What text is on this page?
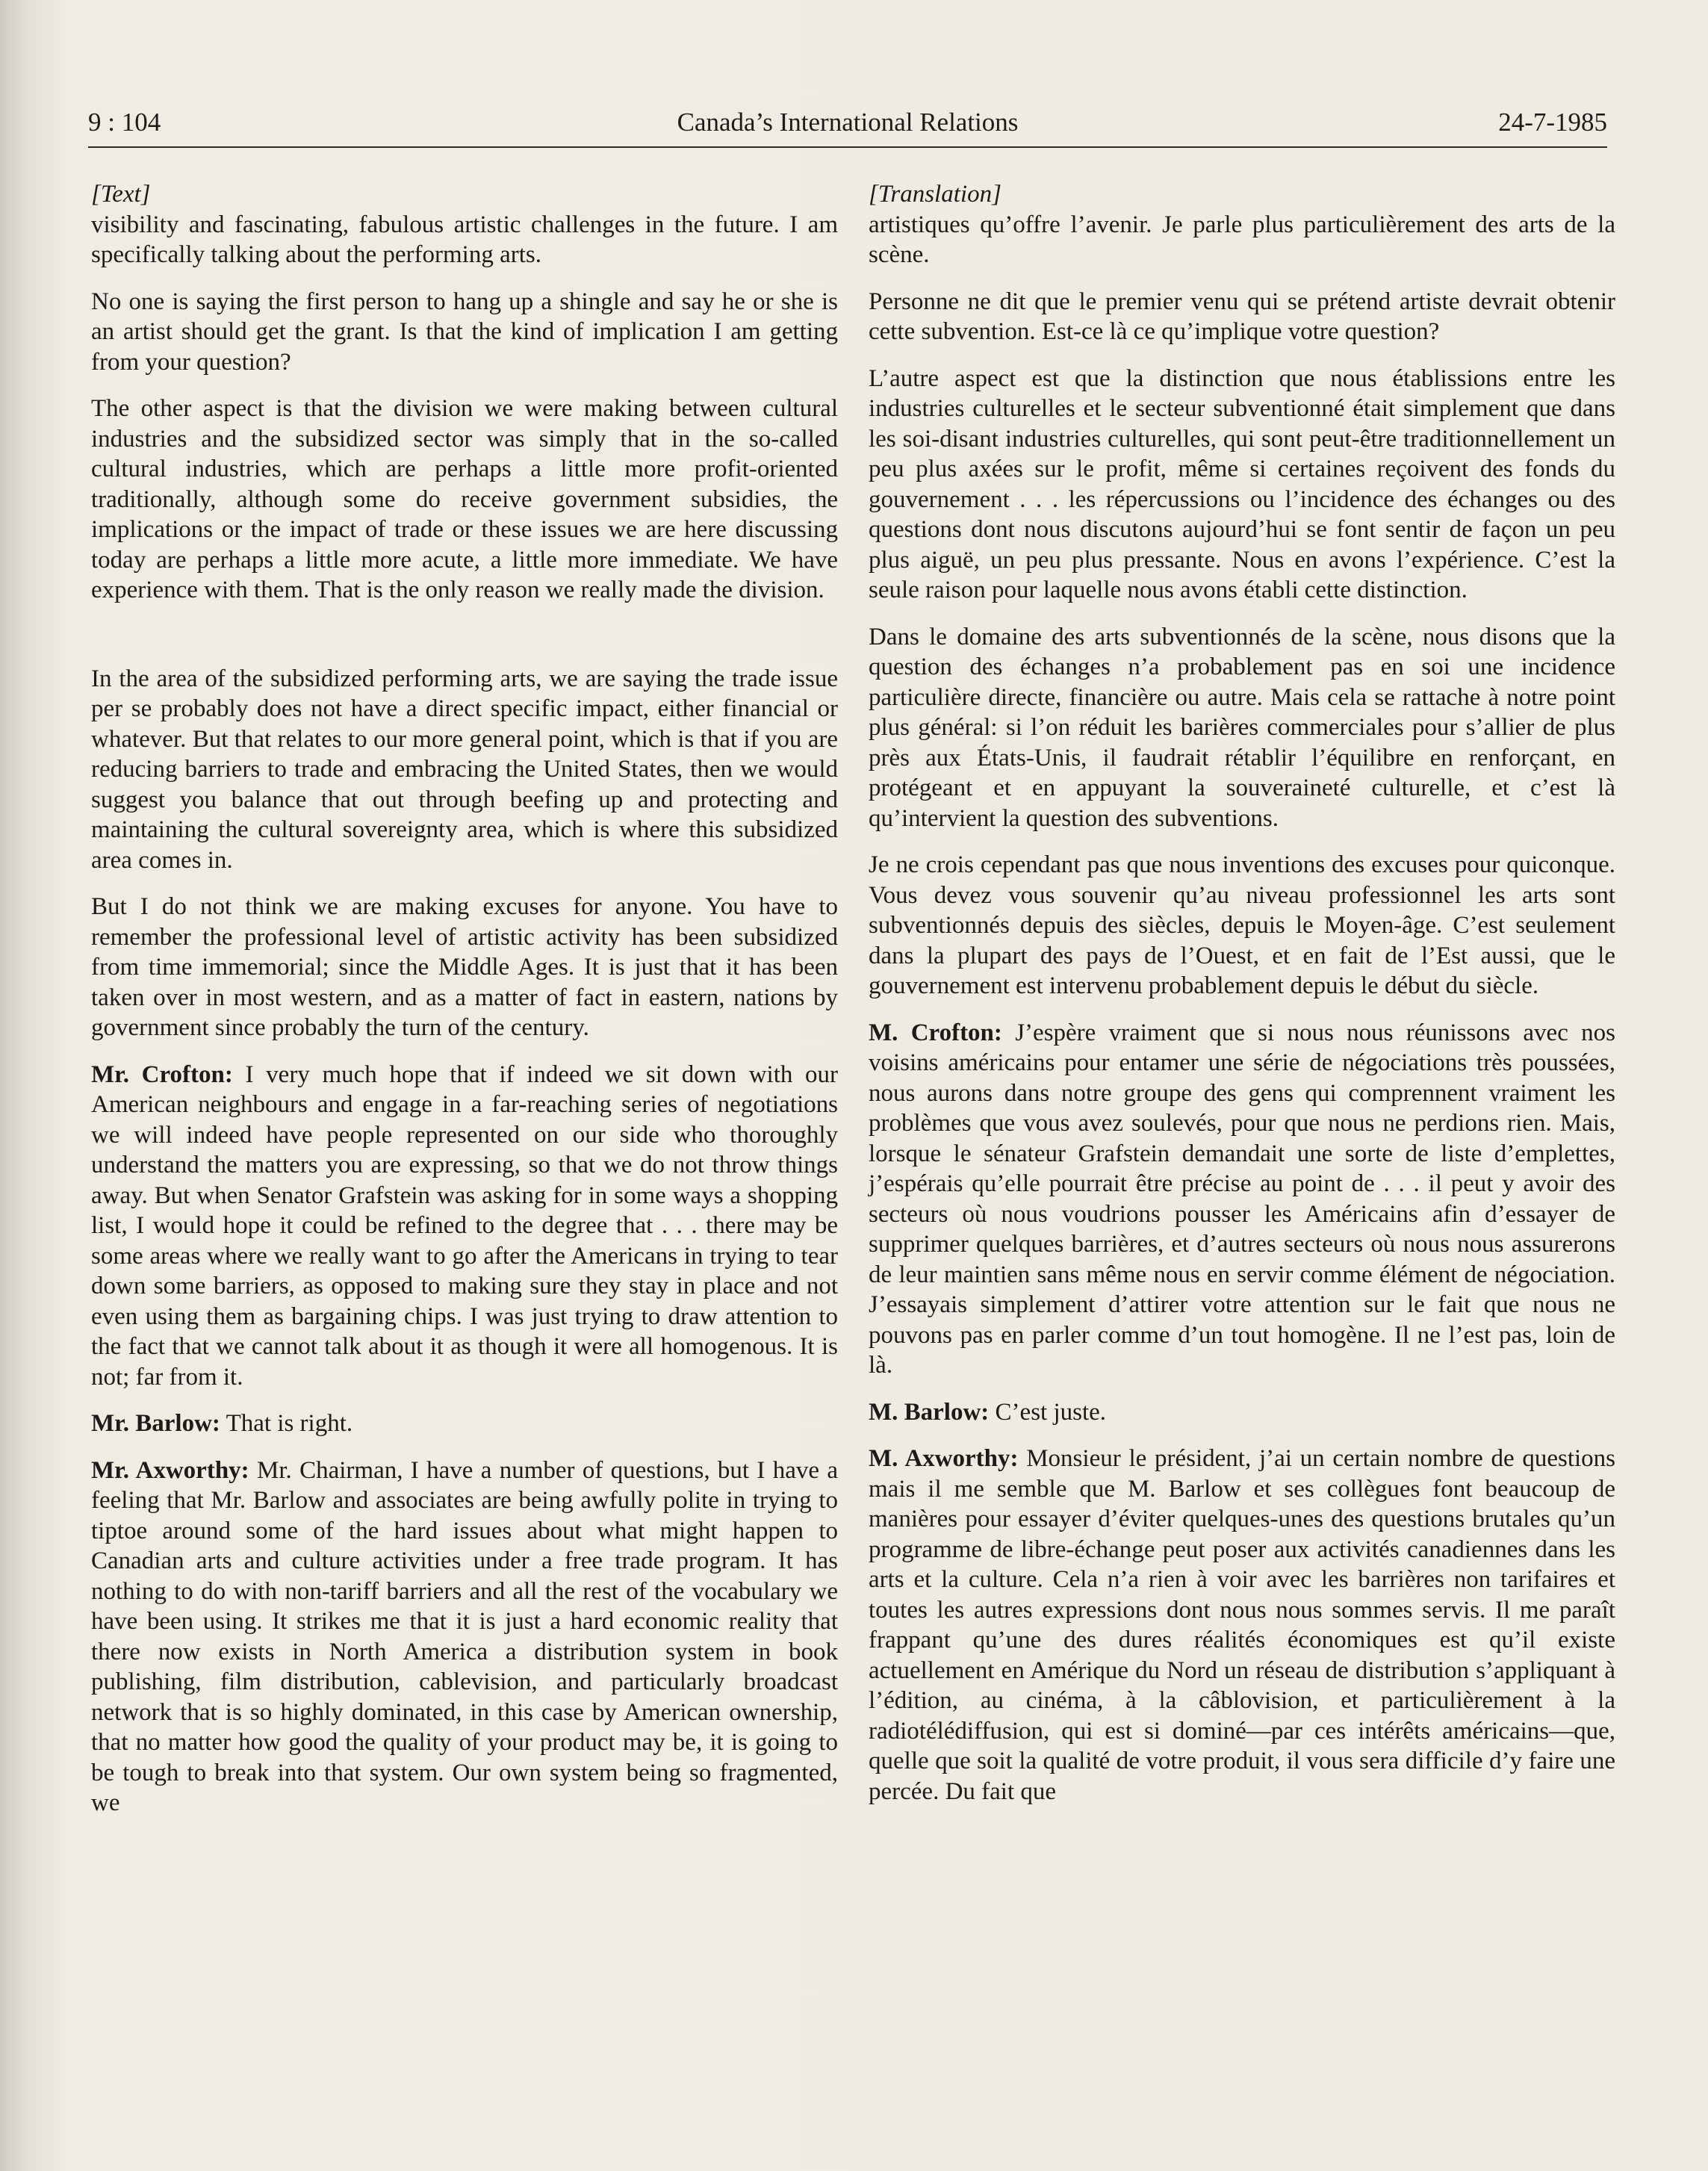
9 : 104	Canada’s International Relations	24-7-1985
[Text]

visibility and fascinating, fabulous artistic challenges in the future. I am specifically talking about the performing arts.

No one is saying the first person to hang up a shingle and say he or she is an artist should get the grant. Is that the kind of implication I am getting from your question?

The other aspect is that the division we were making between cultural industries and the subsidized sector was simply that in the so-called cultural industries, which are perhaps a little more profit-oriented traditionally, although some do receive government subsidies, the implications or the impact of trade or these issues we are here discussing today are perhaps a little more acute, a little more immediate. We have experience with them. That is the only reason we really made the division.

In the area of the subsidized performing arts, we are saying the trade issue per se probably does not have a direct specific impact, either financial or whatever. But that relates to our more general point, which is that if you are reducing barriers to trade and embracing the United States, then we would suggest you balance that out through beefing up and protecting and maintaining the cultural sovereignty area, which is where this subsidized area comes in.

But I do not think we are making excuses for anyone. You have to remember the professional level of artistic activity has been subsidized from time immemorial; since the Middle Ages. It is just that it has been taken over in most western, and as a matter of fact in eastern, nations by government since probably the turn of the century.

Mr. Crofton: I very much hope that if indeed we sit down with our American neighbours and engage in a far-reaching series of negotiations we will indeed have people represented on our side who thoroughly understand the matters you are expressing, so that we do not throw things away. But when Senator Grafstein was asking for in some ways a shopping list, I would hope it could be refined to the degree that . . . there may be some areas where we really want to go after the Americans in trying to tear down some barriers, as opposed to making sure they stay in place and not even using them as bargaining chips. I was just trying to draw attention to the fact that we cannot talk about it as though it were all homogenous. It is not; far from it.

Mr. Barlow: That is right.

Mr. Axworthy: Mr. Chairman, I have a number of questions, but I have a feeling that Mr. Barlow and associates are being awfully polite in trying to tiptoe around some of the hard issues about what might happen to Canadian arts and culture activities under a free trade program. It has nothing to do with non-tariff barriers and all the rest of the vocabulary we have been using. It strikes me that it is just a hard economic reality that there now exists in North America a distribution system in book publishing, film distribution, cablevision, and particularly broadcast network that is so highly dominated, in this case by American ownership, that no matter how good the quality of your product may be, it is going to be tough to break into that system. Our own system being so fragmented, we

[Translation]

artistiques qu’offre l’avenir. Je parle plus particulièrement des arts de la scène.

Personne ne dit que le premier venu qui se prétend artiste devrait obtenir cette subvention. Est-ce là ce qu’implique votre question?

L’autre aspect est que la distinction que nous établissions entre les industries culturelles et le secteur subventionné était simplement que dans les soi-disant industries culturelles, qui sont peut-être traditionnellement un peu plus axées sur le profit, même si certaines reçoivent des fonds du gouvernement . . . les répercussions ou l’incidence des échanges ou des questions dont nous discutons aujourd’hui se font sentir de façon un peu plus aiguë, un peu plus pressante. Nous en avons l’expérience. C’est la seule raison pour laquelle nous avons établi cette distinction.

Dans le domaine des arts subventionnés de la scène, nous disons que la question des échanges n’a probablement pas en soi une incidence particulière directe, financière ou autre. Mais cela se rattache à notre point plus général: si l’on réduit les barières commerciales pour s’allier de plus près aux États-Unis, il faudrait rétablir l’équilibre en renforçant, en protégeant et en appuyant la souveraineté culturelle, et c’est là qu’intervient la question des subventions.

Je ne crois cependant pas que nous inventions des excuses pour quiconque. Vous devez vous souvenir qu’au niveau professionnel les arts sont subventionnés depuis des siècles, depuis le Moyen-âge. C’est seulement dans la plupart des pays de l’Ouest, et en fait de l’Est aussi, que le gouvernement est intervenu probablement depuis le début du siècle.

M. Crofton: J’espère vraiment que si nous nous réunissons avec nos voisins américains pour entamer une série de négociations très poussées, nous aurons dans notre groupe des gens qui comprennent vraiment les problèmes que vous avez soulevés, pour que nous ne perdions rien. Mais, lorsque le sénateur Grafstein demandait une sorte de liste d’emplettes, j’espérais qu’elle pourrait être précise au point de . . . il peut y avoir des secteurs où nous voudrions pousser les Américains afin d’essayer de supprimer quelques barrières, et d’autres secteurs où nous nous assurerons de leur maintien sans même nous en servir comme élément de négociation. J’essayais simplement d’attirer votre attention sur le fait que nous ne pouvons pas en parler comme d’un tout homogène. Il ne l’est pas, loin de là.

M. Barlow: C’est juste.

M. Axworthy: Monsieur le président, j’ai un certain nombre de questions mais il me semble que M. Barlow et ses collègues font beaucoup de manières pour essayer d’éviter quelques-unes des questions brutales qu’un programme de libre-échange peut poser aux activités canadiennes dans les arts et la culture. Cela n’a rien à voir avec les barrières non tarifaires et toutes les autres expressions dont nous nous sommes servis. Il me paraît frappant qu’une des dures réalités économiques est qu’il existe actuellement en Amérique du Nord un réseau de distribution s’appliquant à l’édition, au cinéma, à la câblovision, et particulièrement à la radiotélédiffusion, qui est si dominé—par ces intérêts américains—que, quelle que soit la qualité de votre produit, il vous sera difficile d’y faire une percée. Du fait que
